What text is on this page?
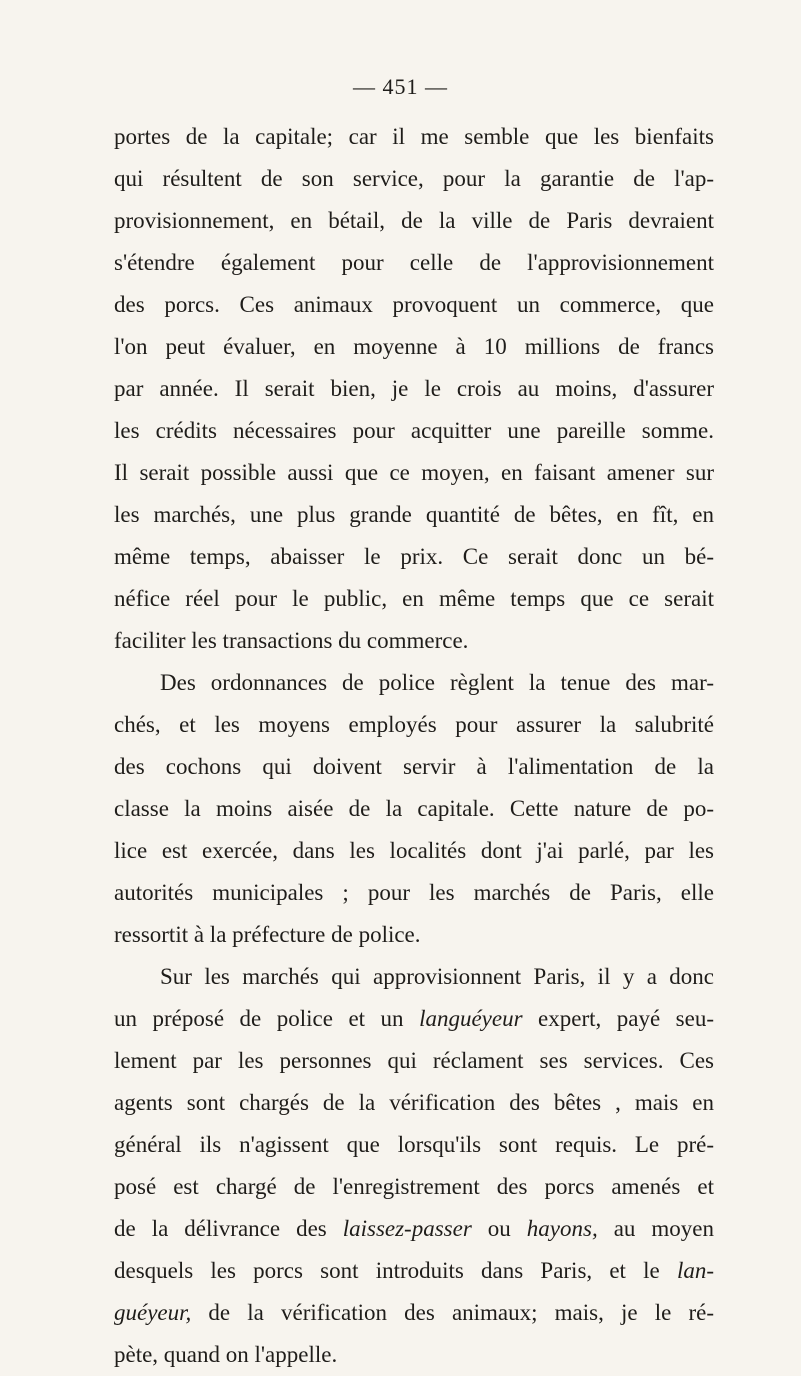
— 451 —
portes de la capitale; car il me semble que les bienfaits
qui résultent de son service, pour la garantie de l'ap-
provisionnement, en bétail, de la ville de Paris devraient
s'étendre également pour celle de l'approvisionnement
des porcs. Ces animaux provoquent un commerce, que
l'on peut évaluer, en moyenne à 10 millions de francs
par année. Il serait bien, je le crois au moins, d'assurer
les crédits nécessaires pour acquitter une pareille somme.
Il serait possible aussi que ce moyen, en faisant amener sur
les marchés, une plus grande quantité de bêtes, en fît, en
même temps, abaisser le prix. Ce serait donc un bé-
néfice réel pour le public, en même temps que ce serait
faciliter les transactions du commerce.
Des ordonnances de police règlent la tenue des mar-
chés, et les moyens employés pour assurer la salubrité
des cochons qui doivent servir à l'alimentation de la
classe la moins aisée de la capitale. Cette nature de po-
lice est exercée, dans les localités dont j'ai parlé, par les
autorités municipales ; pour les marchés de Paris, elle
ressortit à la préfecture de police.
Sur les marchés qui approvisionnent Paris, il y a donc
un préposé de police et un languéyeur expert, payé seu-
lement par les personnes qui réclament ses services. Ces
agents sont chargés de la vérification des bêtes , mais en
général ils n'agissent que lorsqu'ils sont requis. Le pré-
posé est chargé de l'enregistrement des porcs amenés et
de la délivrance des laissez-passer ou hayons, au moyen
desquels les porcs sont introduits dans Paris, et le lan-
guéyeur, de la vérification des animaux; mais, je le ré-
pète, quand on l'appelle.
